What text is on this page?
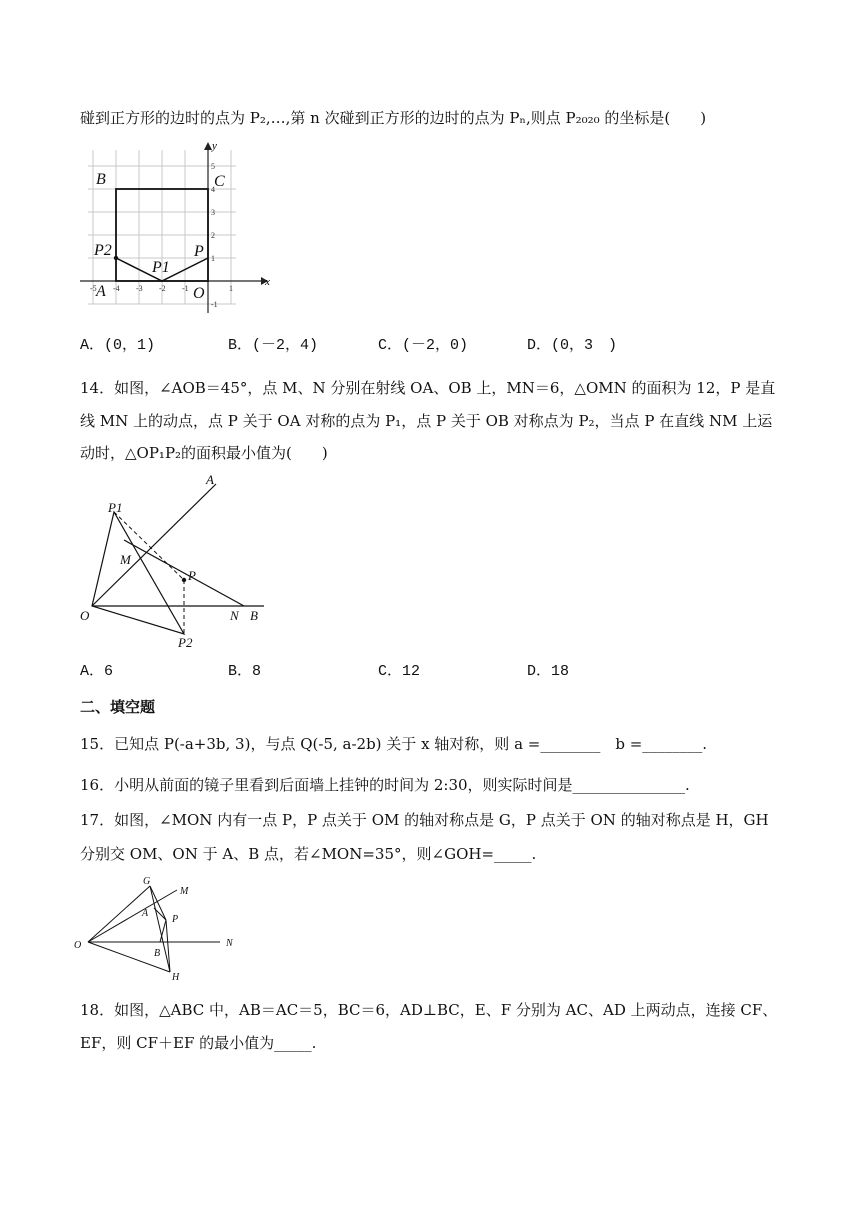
碰到正方形的边时的点为 P₂,…,第 n 次碰到正方形的边时的点为 Pₙ,则点 P₂₀₂₀ 的坐标是(　　)
x
y
-5 -4 -3 -2 -1	1
5
4
3
2
1
-1
B	C
A	O
P
P2
P1
A．(0，1)	B．(－2，4)	C．(－2，0)	D．(0，3　)
14．如图，∠AOB＝45°，点 M、N 分别在射线 OA、OB 上，MN＝6，△OMN 的面积为 12，P 是直
线 MN 上的动点，点 P 关于 OA 对称的点为 P₁，点 P 关于 OB 对称点为 P₂，当点 P 在直线 NM 上运
动时，△OP₁P₂的面积最小值为(　　)
A
P1
M
P
O	N B
P2
A．6	B．8	C．12	D．18
二、填空题
15．已知点 P(-a+3b, 3)，与点 Q(-5, a-2b) 关于 x 轴对称，则 a =________　b =________.
16．小明从前面的镜子里看到后面墙上挂钟的时间为 2:30，则实际时间是_______________.
17．如图，∠MON 内有一点 P，P 点关于 OM 的轴对称点是 G，P 点关于 ON 的轴对称点是 H，GH
分别交 OM、ON 于 A、B 点，若∠MON=35°，则∠GOH=_____.
G
M
A
P
O	N
B
H
18．如图，△ABC 中，AB＝AC＝5，BC＝6，AD⊥BC，E、F 分别为 AC、AD 上两动点，连接 CF、
EF，则 CF＋EF 的最小值为_____.
